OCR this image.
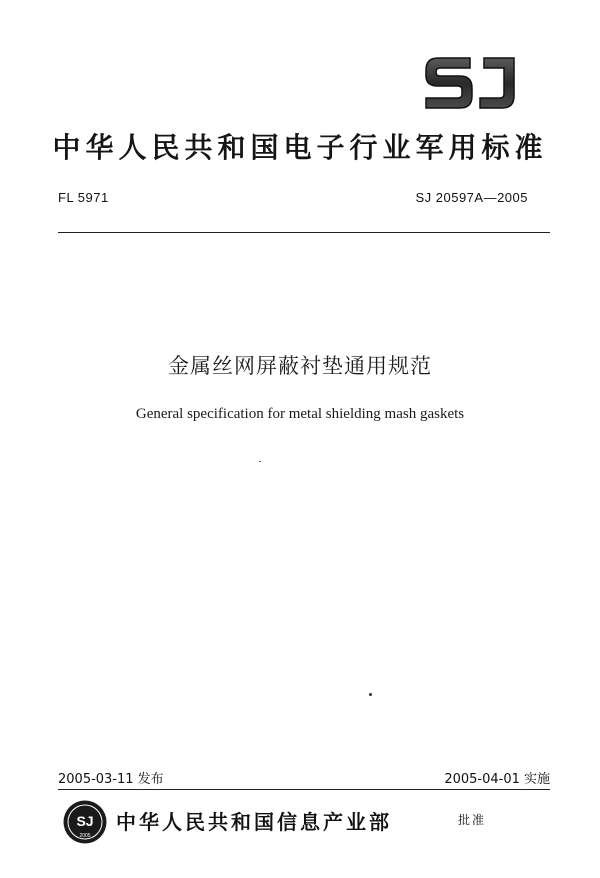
中华人民共和国电子行业军用标准
FL 5971	SJ 20597A—2005
金属丝网屏蔽衬垫通用规范
General specification for metal shielding mash gaskets
2005-03-11 发布	2005-04-01 实施
SJ
2005
中华人民共和国信息产业部	批准
